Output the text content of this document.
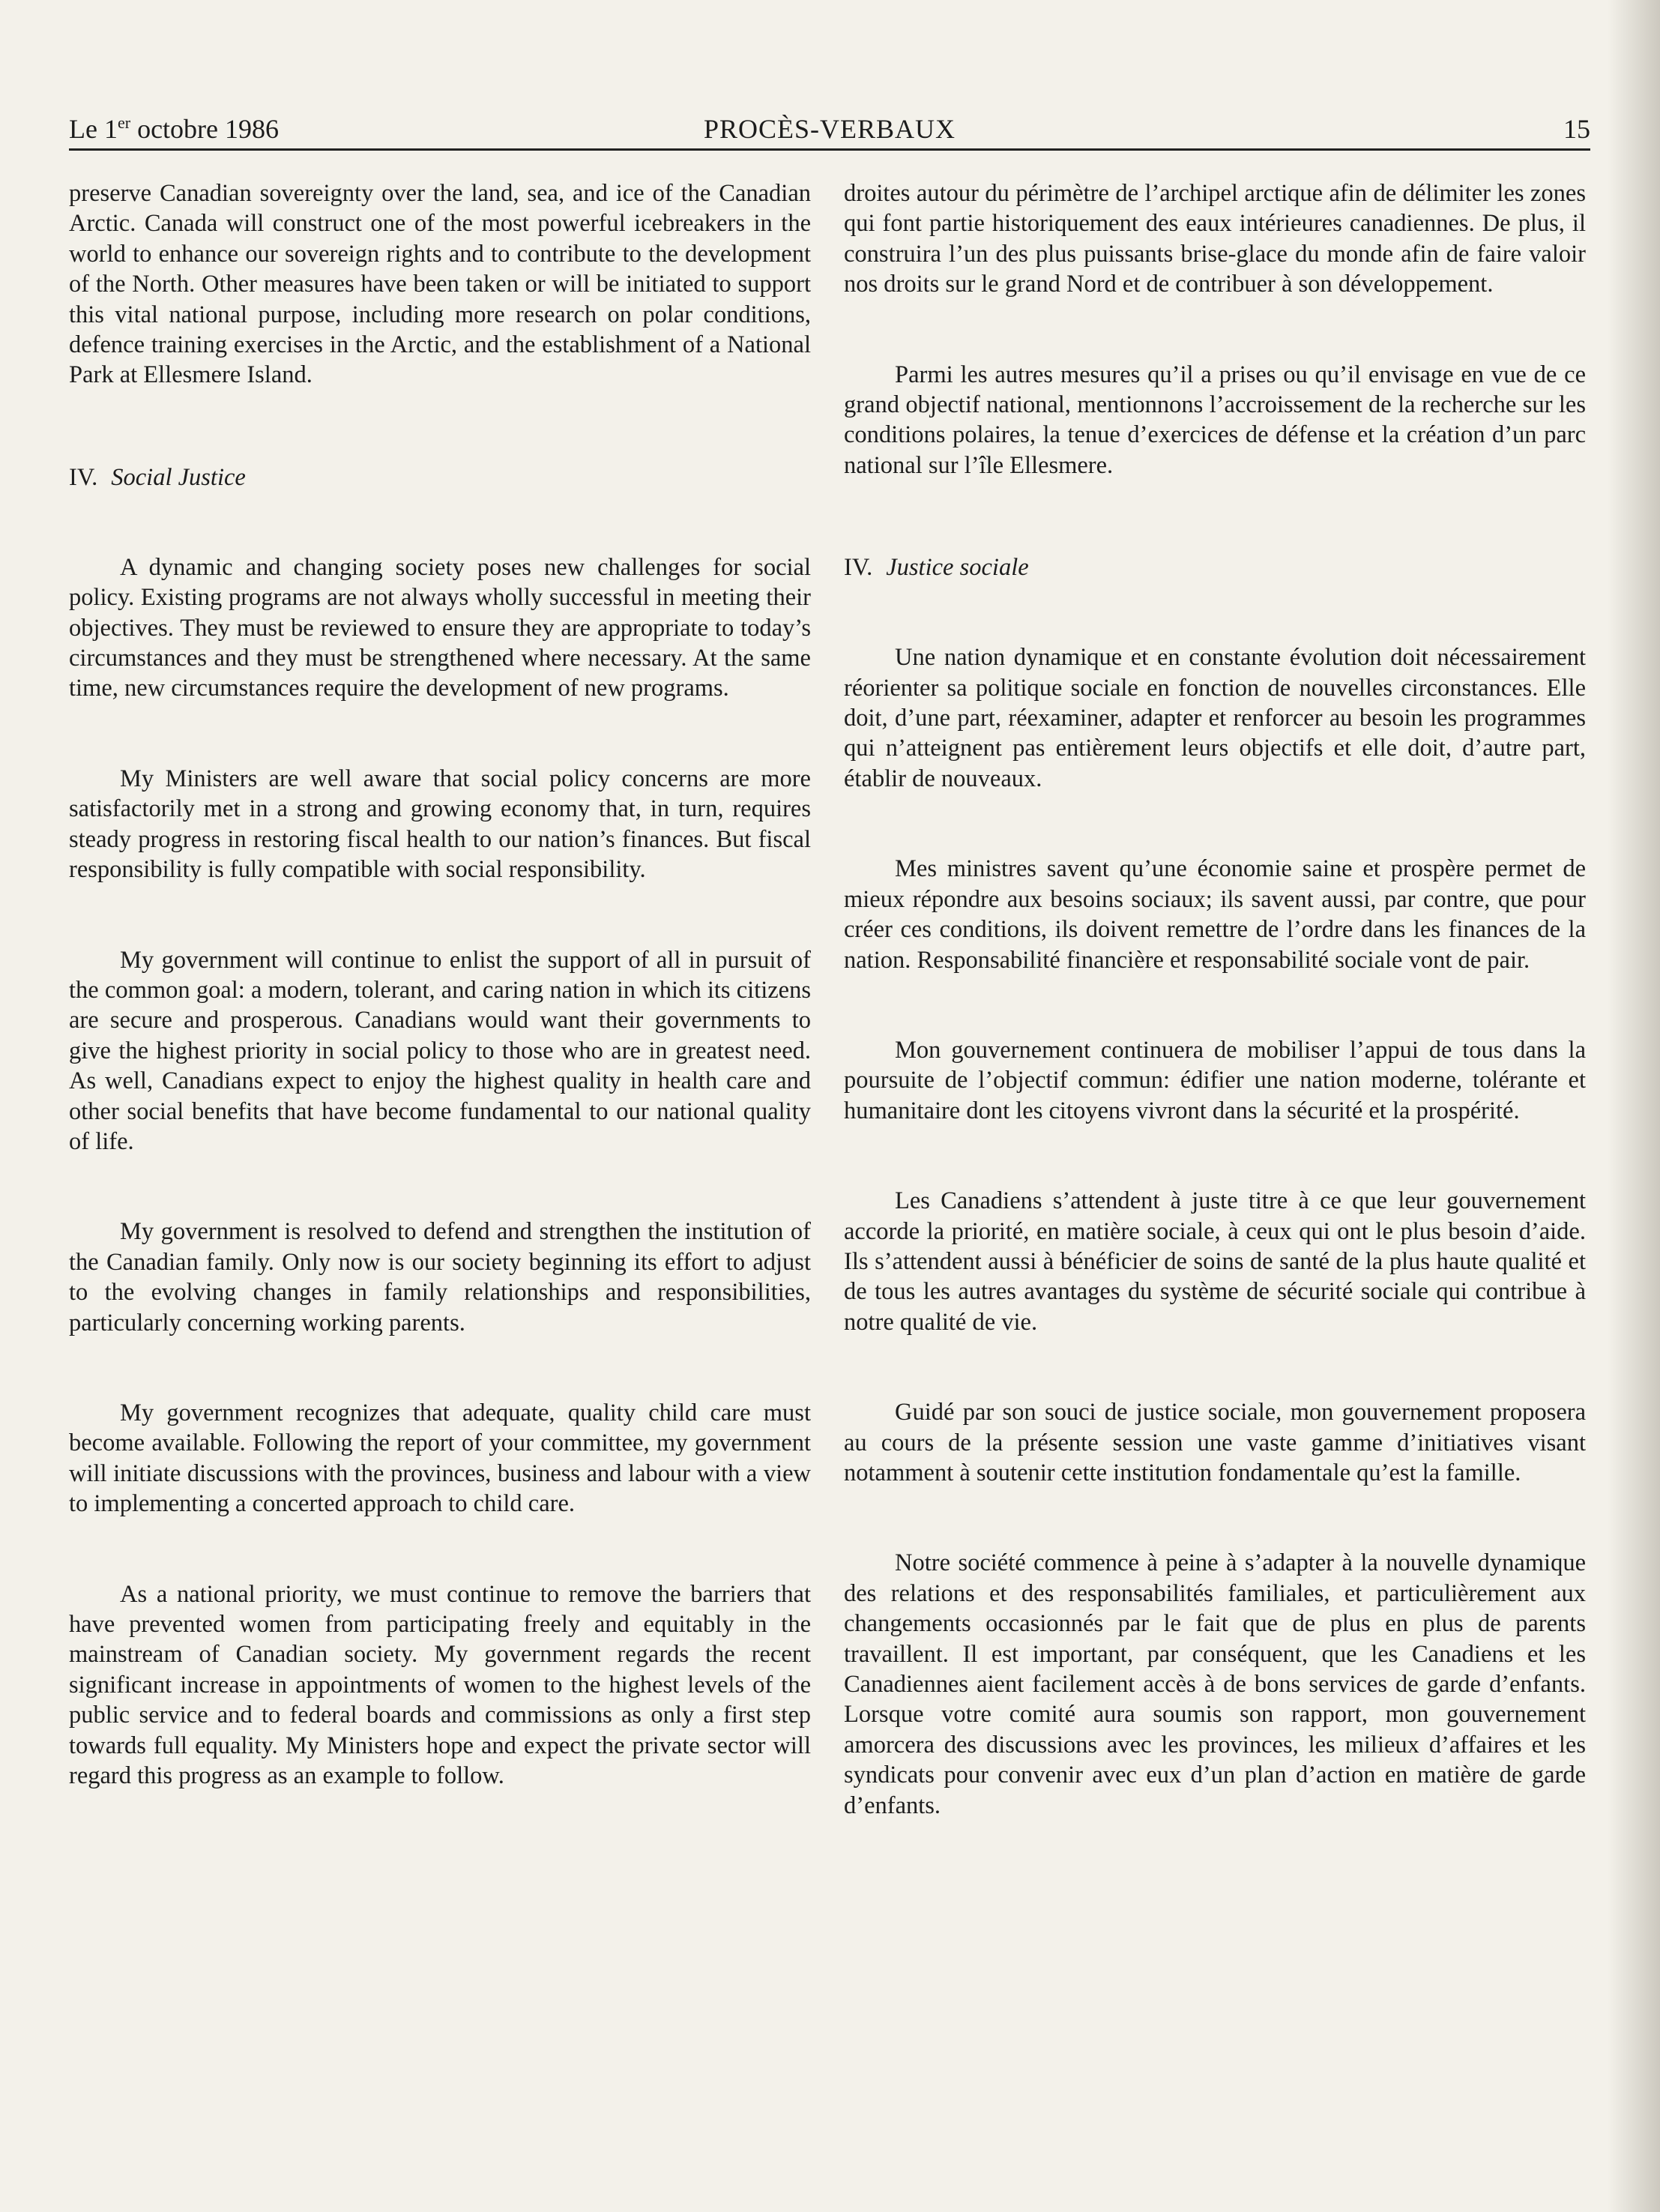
Le 1er octobre 1986	PROCÈS-VERBAUX	15

preserve Canadian sovereignty over the land, sea, and ice of the Canadian Arctic. Canada will construct one of the most powerful icebreakers in the world to enhance our sovereign rights and to contribute to the development of the North. Other measures have been taken or will be initiated to support this vital national purpose, including more research on polar conditions, defence training exercises in the Arctic, and the establishment of a National Park at Ellesmere Island.

IV. Social Justice

A dynamic and changing society poses new challenges for social policy. Existing programs are not always wholly successful in meeting their objectives. They must be reviewed to ensure they are appropriate to today’s circumstances and they must be strengthened where necessary. At the same time, new circumstances require the development of new programs.

My Ministers are well aware that social policy concerns are more satisfactorily met in a strong and growing economy that, in turn, requires steady progress in restoring fiscal health to our nation’s finances. But fiscal responsibility is fully compatible with social responsibility.

My government will continue to enlist the support of all in pursuit of the common goal: a modern, tolerant, and caring nation in which its citizens are secure and prosperous. Canadians would want their governments to give the highest priority in social policy to those who are in greatest need. As well, Canadians expect to enjoy the highest quality in health care and other social benefits that have become fundamental to our national quality of life.

My government is resolved to defend and strengthen the institution of the Canadian family. Only now is our society beginning its effort to adjust to the evolving changes in family relationships and responsibilities, particularly concerning working parents.

My government recognizes that adequate, quality child care must become available. Following the report of your committee, my government will initiate discussions with the provinces, business and labour with a view to implementing a concerted approach to child care.

As a national priority, we must continue to remove the barriers that have prevented women from participating freely and equitably in the mainstream of Canadian society. My government regards the recent significant increase in appointments of women to the highest levels of the public service and to federal boards and commissions as only a first step towards full equality. My Ministers hope and expect the private sector will regard this progress as an example to follow.

droites autour du périmètre de l’archipel arctique afin de délimiter les zones qui font partie historiquement des eaux intérieures canadiennes. De plus, il construira l’un des plus puissants brise-glace du monde afin de faire valoir nos droits sur le grand Nord et de contribuer à son développement.

Parmi les autres mesures qu’il a prises ou qu’il envisage en vue de ce grand objectif national, mentionnons l’accroissement de la recherche sur les conditions polaires, la tenue d’exercices de défense et la création d’un parc national sur l’île Ellesmere.

IV. Justice sociale

Une nation dynamique et en constante évolution doit nécessairement réorienter sa politique sociale en fonction de nouvelles circonstances. Elle doit, d’une part, réexaminer, adapter et renforcer au besoin les programmes qui n’atteignent pas entièrement leurs objectifs et elle doit, d’autre part, établir de nouveaux.

Mes ministres savent qu’une économie saine et prospère permet de mieux répondre aux besoins sociaux; ils savent aussi, par contre, que pour créer ces conditions, ils doivent remettre de l’ordre dans les finances de la nation. Responsabilité financière et responsabilité sociale vont de pair.

Mon gouvernement continuera de mobiliser l’appui de tous dans la poursuite de l’objectif commun: édifier une nation moderne, tolérante et humanitaire dont les citoyens vivront dans la sécurité et la prospérité.

Les Canadiens s’attendent à juste titre à ce que leur gouvernement accorde la priorité, en matière sociale, à ceux qui ont le plus besoin d’aide. Ils s’attendent aussi à bénéficier de soins de santé de la plus haute qualité et de tous les autres avantages du système de sécurité sociale qui contribue à notre qualité de vie.

Guidé par son souci de justice sociale, mon gouvernement proposera au cours de la présente session une vaste gamme d’initiatives visant notamment à soutenir cette institution fondamentale qu’est la famille.

Notre société commence à peine à s’adapter à la nouvelle dynamique des relations et des responsabilités familiales, et particulièrement aux changements occasionnés par le fait que de plus en plus de parents travaillent. Il est important, par conséquent, que les Canadiens et les Canadiennes aient facilement accès à de bons services de garde d’enfants. Lorsque votre comité aura soumis son rapport, mon gouvernement amorcera des discussions avec les provinces, les milieux d’affaires et les syndicats pour convenir avec eux d’un plan d’action en matière de garde d’enfants.
